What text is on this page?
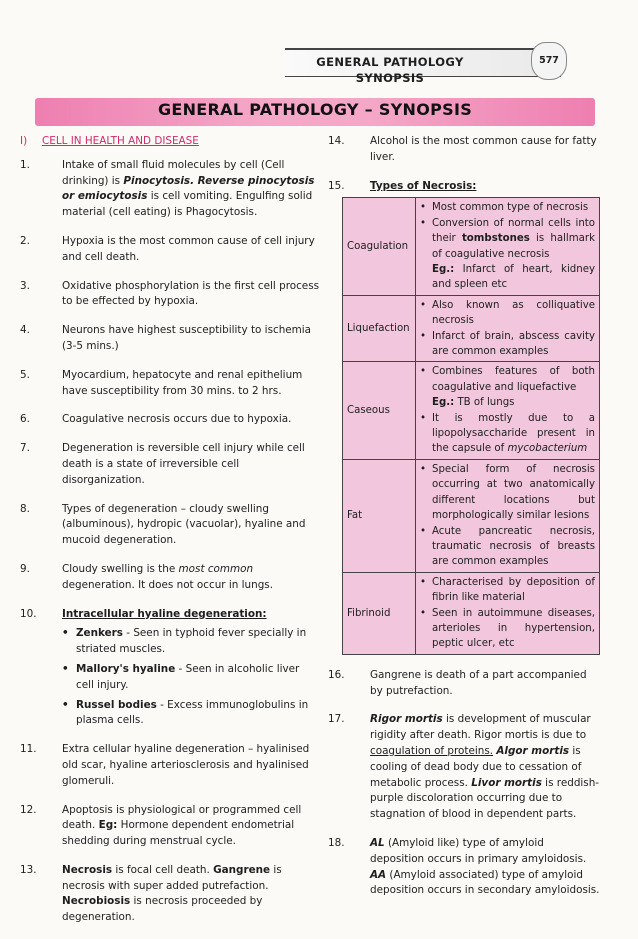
GENERAL PATHOLOGY SYNOPSIS
577
GENERAL PATHOLOGY – SYNOPSIS
I)	CELL IN HEALTH AND DISEASE
1.	Intake of small fluid molecules by cell (Cell drinking) is Pinocytosis. Reverse pinocytosis or emiocytosis is cell vomiting. Engulfing solid material (cell eating) is Phagocytosis.
2.	Hypoxia is the most common cause of cell injury and cell death.
3.	Oxidative phosphorylation is the first cell process to be effected by hypoxia.
4.	Neurons have highest susceptibility to ischemia (3-5 mins.)
5.	Myocardium, hepatocyte and renal epithelium have susceptibility from 30 mins. to 2 hrs.
6.	Coagulative necrosis occurs due to hypoxia.
7.	Degeneration is reversible cell injury while cell death is a state of irreversible cell disorganization.
8.	Types of degeneration – cloudy swelling (albuminous), hydropic (vacuolar), hyaline and mucoid degeneration.
9.	Cloudy swelling is the most common degeneration. It does not occur in lungs.
10.	Intracellular hyaline degeneration:
• Zenkers - Seen in typhoid fever specially in striated muscles.
• Mallory's hyaline - Seen in alcoholic liver cell injury.
• Russel bodies - Excess immunoglobulins in plasma cells.
11.	Extra cellular hyaline degeneration – hyalinised old scar, hyaline arteriosclerosis and hyalinised glomeruli.
12.	Apoptosis is physiological or programmed cell death. Eg: Hormone dependent endometrial shedding during menstrual cycle.
13.	Necrosis is focal cell death. Gangrene is necrosis with super added putrefaction. Necrobiosis is necrosis proceeded by degeneration.
14.	Alcohol is the most common cause for fatty liver.
15.	Types of Necrosis:
Coagulation	• Most common type of necrosis
• Conversion of normal cells into their tombstones is hallmark of coagulative necrosis
Eg.: Infarct of heart, kidney and spleen etc

Liquefaction	• Also known as colliquative necrosis
• Infarct of brain, abscess cavity are common examples

Caseous	• Combines features of both coagulative and liquefactive
Eg.: TB of lungs
• It is mostly due to a lipopolysaccharide present in the capsule of mycobacterium

Fat	• Special form of necrosis occurring at two anatomically different locations but morphologically similar lesions
• Acute pancreatic necrosis, traumatic necrosis of breasts are common examples

Fibrinoid	• Characterised by deposition of fibrin like material
• Seen in autoimmune diseases, arterioles in hypertension, peptic ulcer, etc
16.	Gangrene is death of a part accompanied by putrefaction.
17.	Rigor mortis is development of muscular rigidity after death. Rigor mortis is due to coagulation of proteins. Algor mortis is cooling of dead body due to cessation of metabolic process. Livor mortis is reddish-purple discoloration occurring due to stagnation of blood in dependent parts.
18.	AL (Amyloid like) type of amyloid deposition occurs in primary amyloidosis. AA (Amyloid associated) type of amyloid deposition occurs in secondary amyloidosis.
